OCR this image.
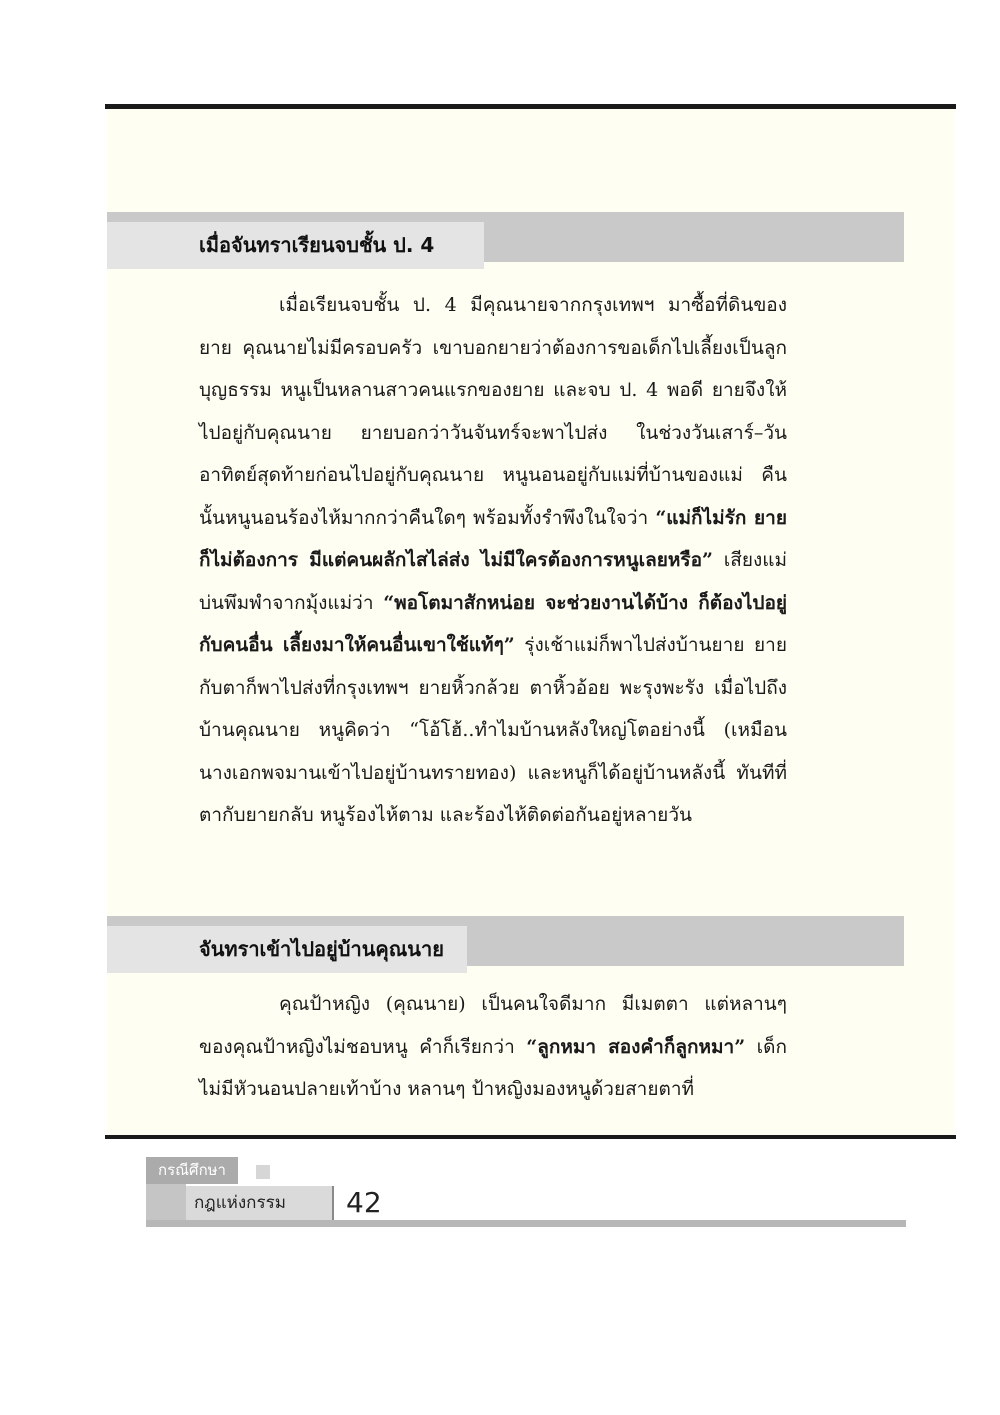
เมื่อจันทราเรียนจบชั้น ป. 4

เมื่อเรียนจบชั้น ป. 4 มีคุณนายจากกรุงเทพฯ มาซื้อที่ดินของยาย คุณนายไม่มีครอบครัว เขาบอกยายว่าต้องการขอเด็กไปเลี้ยงเป็นลูกบุญธรรม หนูเป็นหลานสาวคนแรกของยาย และจบ ป. 4 พอดี ยายจึงให้ไปอยู่กับคุณนาย ยายบอกว่าวันจันทร์จะพาไปส่ง ในช่วงวันเสาร์–วันอาทิตย์สุดท้ายก่อนไปอยู่กับคุณนาย หนูนอนอยู่กับแม่ที่บ้านของแม่ คืนนั้นหนูนอนร้องไห้มากกว่าคืนใดๆ พร้อมทั้งรำพึงในใจว่า “แม่ก็ไม่รัก ยายก็ไม่ต้องการ มีแต่คนผลักไสไล่ส่ง ไม่มีใครต้องการหนูเลยหรือ” เสียงแม่บ่นพึมพำจากมุ้งแม่ว่า “พอโตมาสักหน่อย จะช่วยงานได้บ้าง ก็ต้องไปอยู่กับคนอื่น เลี้ยงมาให้คนอื่นเขาใช้แท้ๆ” รุ่งเช้าแม่ก็พาไปส่งบ้านยาย ยายกับตาก็พาไปส่งที่กรุงเทพฯ ยายหิ้วกล้วย ตาหิ้วอ้อย พะรุงพะรัง เมื่อไปถึงบ้านคุณนาย หนูคิดว่า “โอ้โฮ้..ทำไมบ้านหลังใหญ่โตอย่างนี้ (เหมือนนางเอกพจมานเข้าไปอยู่บ้านทรายทอง) และหนูก็ได้อยู่บ้านหลังนี้ ทันทีที่ตากับยายกลับ หนูร้องไห้ตาม และร้องไห้ติดต่อกันอยู่หลายวัน

จันทราเข้าไปอยู่บ้านคุณนาย

คุณป้าหญิง (คุณนาย) เป็นคนใจดีมาก มีเมตตา แต่หลานๆ ของคุณป้าหญิงไม่ชอบหนู คำก็เรียกว่า “ลูกหมา สองคำก็ลูกหมา” เด็กไม่มีหัวนอนปลายเท้าบ้าง หลานๆ ป้าหญิงมองหนูด้วยสายตาที่

กรณีศึกษา
กฎแห่งกรรม	42
